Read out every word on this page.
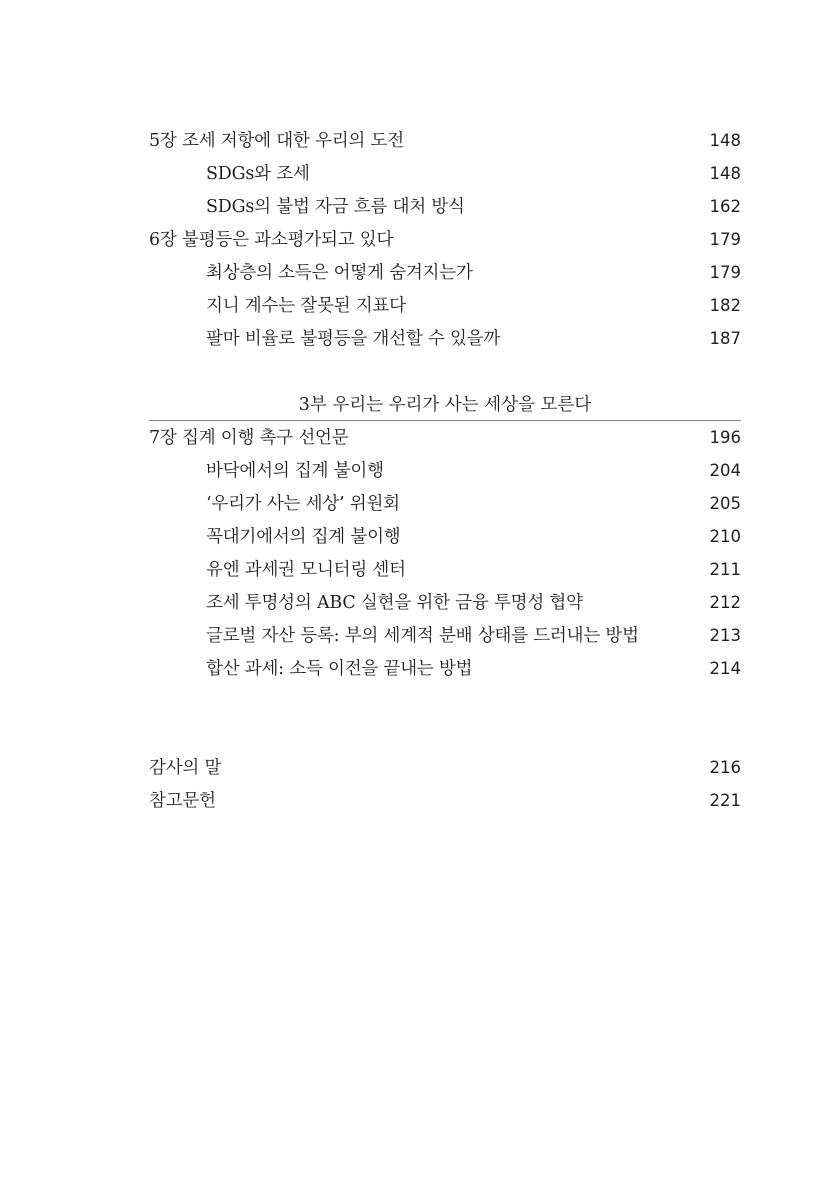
5장 조세 저항에 대한 우리의 도전	148
SDGs와 조세	148
SDGs의 불법 자금 흐름 대처 방식	162
6장 불평등은 과소평가되고 있다	179
최상층의 소득은 어떻게 숨겨지는가	179
지니 계수는 잘못된 지표다	182
팔마 비율로 불평등을 개선할 수 있을까	187
3부 우리는 우리가 사는 세상을 모른다
7장 집계 이행 촉구 선언문	196
바닥에서의 집계 불이행	204
‘우리가 사는 세상’ 위원회	205
꼭대기에서의 집계 불이행	210
유엔 과세권 모니터링 센터	211
조세 투명성의 ABC 실현을 위한 금융 투명성 협약	212
글로벌 자산 등록: 부의 세계적 분배 상태를 드러내는 방법	213
합산 과세: 소득 이전을 끝내는 방법	214
감사의 말	216
참고문헌	221
